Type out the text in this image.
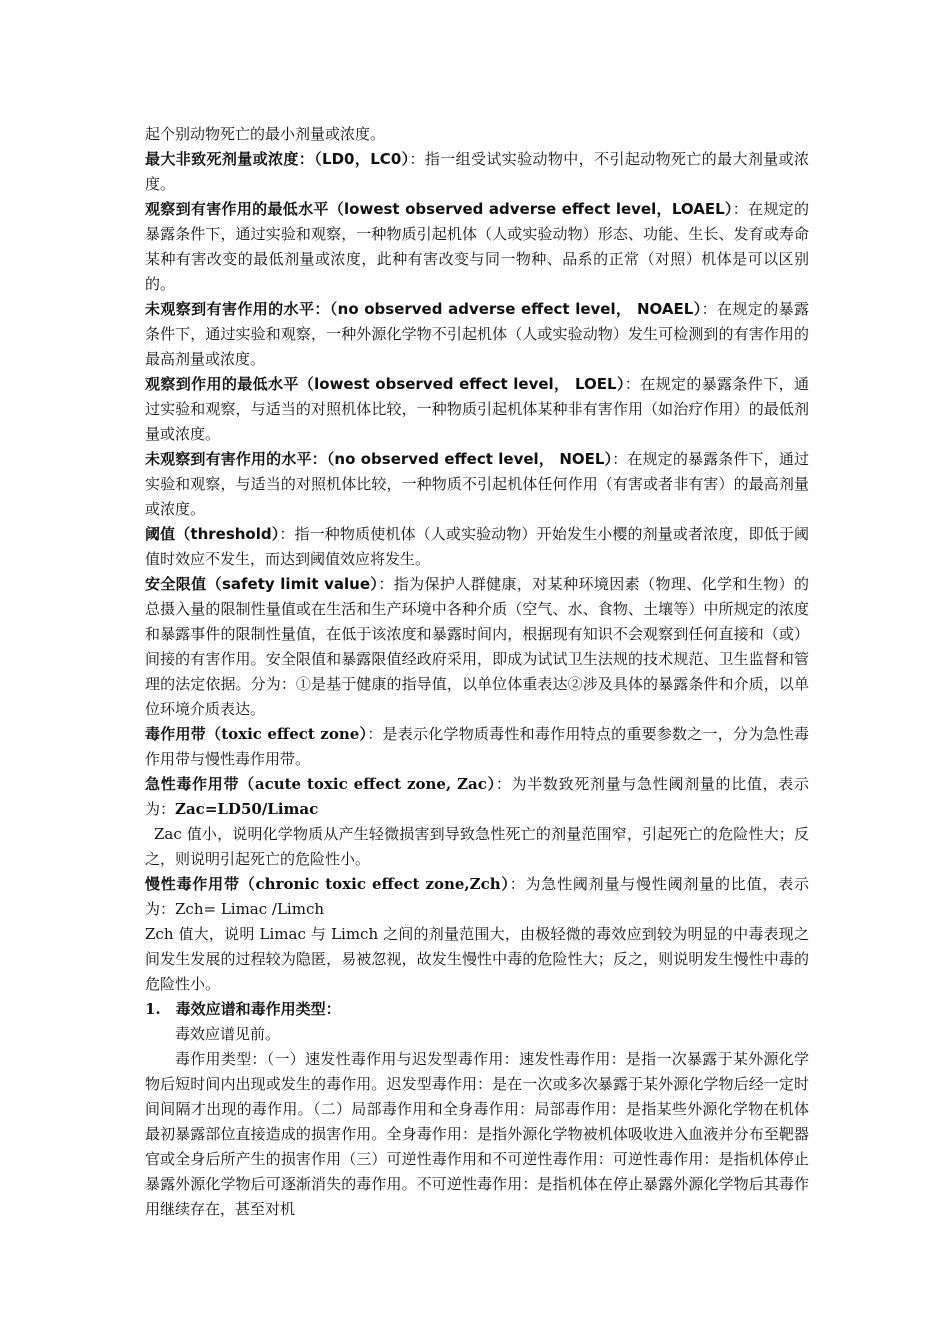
起个别动物死亡的最小剂量或浓度。

最大非致死剂量或浓度：（LD0，LC0）：指一组受试实验动物中，不引起动物死亡的最大剂量或浓度。

观察到有害作用的最低水平（lowest observed adverse effect level，LOAEL）：在规定的暴露条件下，通过实验和观察，一种物质引起机体（人或实验动物）形态、功能、生长、发育或寿命某种有害改变的最低剂量或浓度，此种有害改变与同一物种、品系的正常（对照）机体是可以区别的。

未观察到有害作用的水平：（no observed adverse effect level， NOAEL）：在规定的暴露条件下，通过实验和观察，一种外源化学物不引起机体（人或实验动物）发生可检测到的有害作用的最高剂量或浓度。

观察到作用的最低水平（lowest observed effect level， LOEL）：在规定的暴露条件下，通过实验和观察，与适当的对照机体比较，一种物质引起机体某种非有害作用（如治疗作用）的最低剂量或浓度。

未观察到有害作用的水平：（no observed effect level， NOEL）：在规定的暴露条件下，通过实验和观察，与适当的对照机体比较，一种物质不引起机体任何作用（有害或者非有害）的最高剂量或浓度。

阈值（threshold）：指一种物质使机体（人或实验动物）开始发生小樱的剂量或者浓度，即低于阈值时效应不发生，而达到阈值效应将发生。

安全限值（safety limit value）：指为保护人群健康，对某种环境因素（物理、化学和生物）的总摄入量的限制性量值或在生活和生产环境中各种介质（空气、水、食物、土壤等）中所规定的浓度和暴露事件的限制性量值，在低于该浓度和暴露时间内，根据现有知识不会观察到任何直接和（或）间接的有害作用。安全限值和暴露限值经政府采用，即成为试试卫生法规的技术规范、卫生监督和管理的法定依据。分为：①是基于健康的指导值，以单位体重表达②涉及具体的暴露条件和介质，以单位环境介质表达。

毒作用带（toxic effect zone）：是表示化学物质毒性和毒作用特点的重要参数之一，分为急性毒作用带与慢性毒作用带。

急性毒作用带（acute toxic effect zone, Zac）：为半数致死剂量与急性阈剂量的比值，表示为：Zac=LD50/Limac

Zac 值小，说明化学物质从产生轻微损害到导致急性死亡的剂量范围窄，引起死亡的危险性大；反之，则说明引起死亡的危险性小。

慢性毒作用带（chronic toxic effect zone,Zch）：为急性阈剂量与慢性阈剂量的比值，表示为：Zch= Limac /Limch

Zch 值大，说明 Limac 与 Limch 之间的剂量范围大，由极轻微的毒效应到较为明显的中毒表现之间发生发展的过程较为隐匿，易被忽视，故发生慢性中毒的危险性大；反之，则说明发生慢性中毒的危险性小。

1.　毒效应谱和毒作用类型：

毒效应谱见前。

毒作用类型：（一）速发性毒作用与迟发型毒作用：速发性毒作用：是指一次暴露于某外源化学物后短时间内出现或发生的毒作用。迟发型毒作用：是在一次或多次暴露于某外源化学物后经一定时间间隔才出现的毒作用。（二）局部毒作用和全身毒作用：局部毒作用：是指某些外源化学物在机体最初暴露部位直接造成的损害作用。全身毒作用：是指外源化学物被机体吸收进入血液并分布至靶器官或全身后所产生的损害作用（三）可逆性毒作用和不可逆性毒作用：可逆性毒作用：是指机体停止暴露外源化学物后可逐渐消失的毒作用。不可逆性毒作用：是指机体在停止暴露外源化学物后其毒作用继续存在，甚至对机
